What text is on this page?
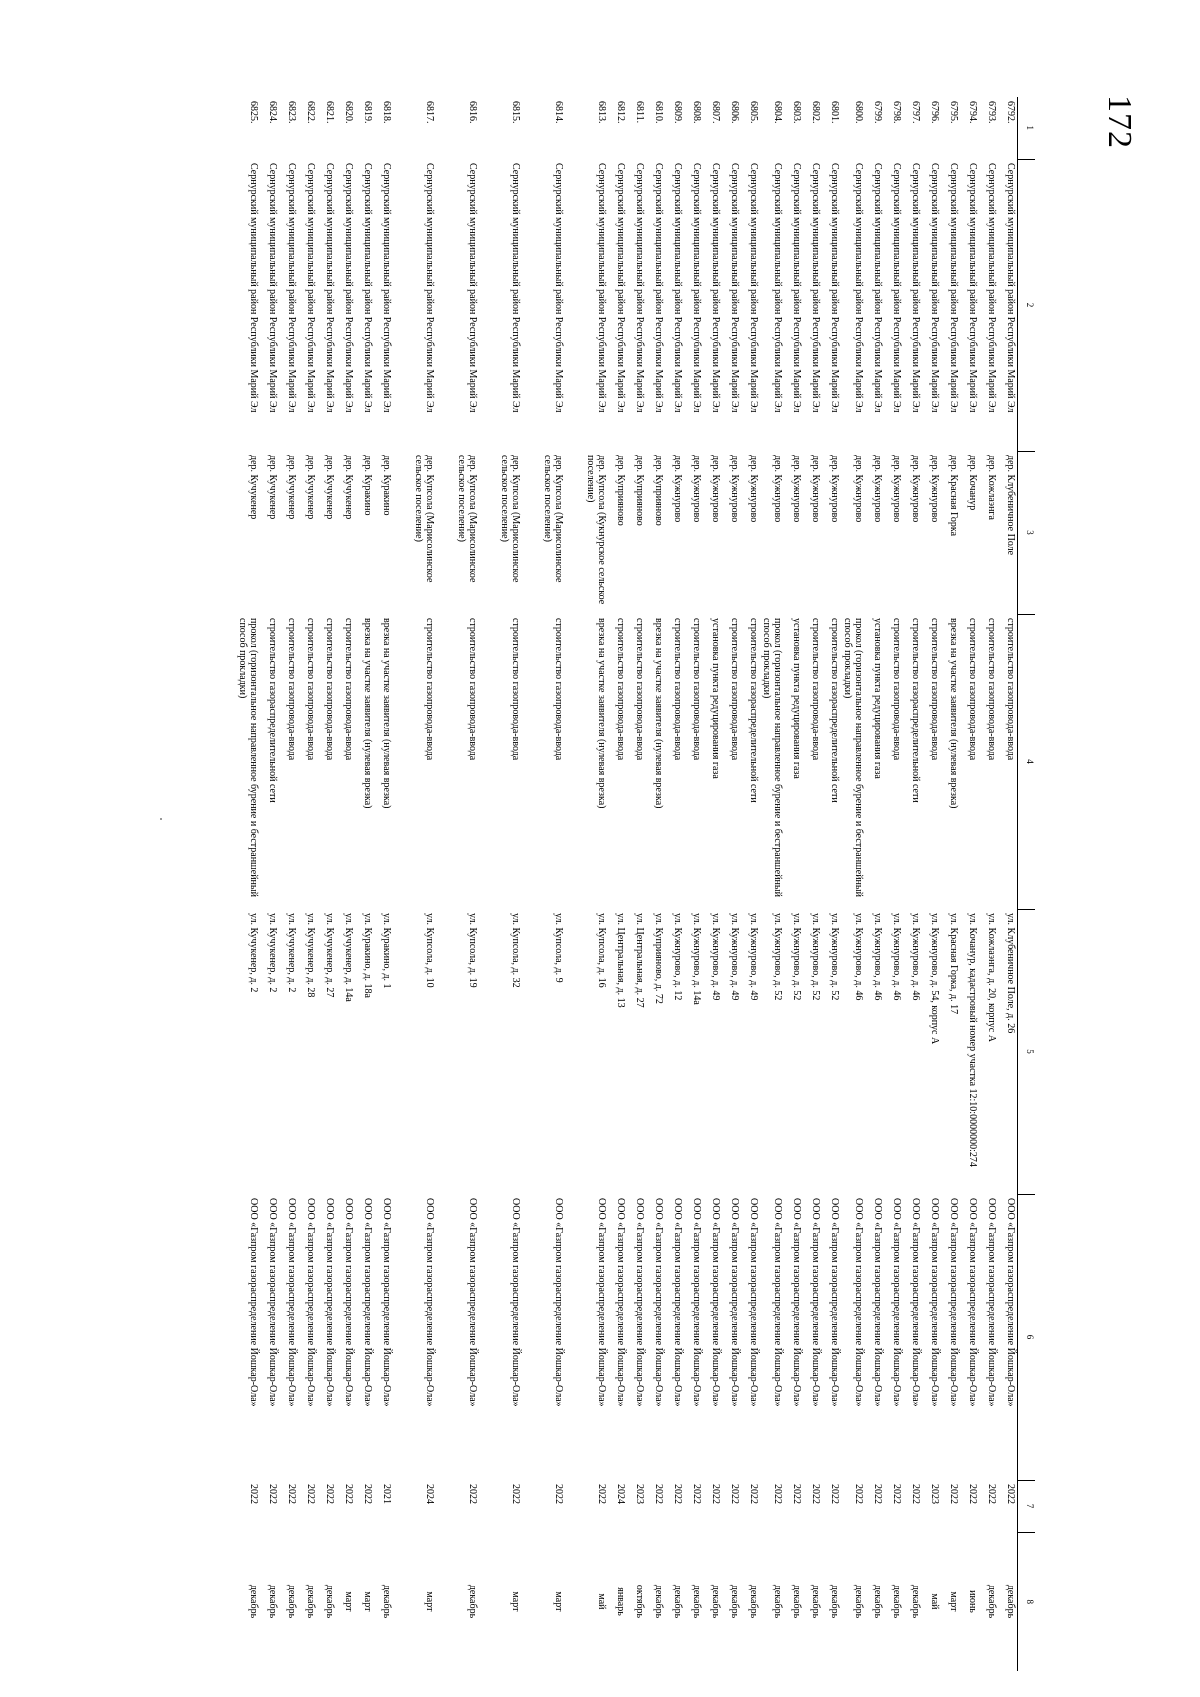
172
1	2	3	4	5	6	7	8
6792.	Сернурский муниципальный район Республики Марий Эл	дер. Клубеничное Поле	строительство газопровода-ввода	ул. Клубеничное Поле, д. 26	ООО «Газпром газораспределение Йошкар-Ола»	2022	декабрь
6793.	Сернурский муниципальный район Республики Марий Эл	дер. Кожлаэнга	строительство газопровода-ввода	ул. Кожлаэнга, д. 20, корпус А	ООО «Газпром газораспределение Йошкар-Ола»	2022	декабрь
6794.	Сернурский муниципальный район Республики Марий Эл	дер. Кочанур	строительство газопровода-ввода	ул. Кочанур, кадастровый номер участка 12:10:0000000:274	ООО «Газпром газораспределение Йошкар-Ола»	2022	июнь
6795.	Сернурский муниципальный район Республики Марий Эл	дер. Красная Горка	врезка на участке заявителя (нулевая врезка)	ул. Красная Горка, д. 17	ООО «Газпром газораспределение Йошкар-Ола»	2022	март
6796.	Сернурский муниципальный район Республики Марий Эл	дер. Кужнурово	строительство газопровода-ввода	ул. Кужнурово, д. 54, корпус А	ООО «Газпром газораспределение Йошкар-Ола»	2023	май
6797.	Сернурский муниципальный район Республики Марий Эл	дер. Кужнурово	строительство газораспределительной сети	ул. Кужнурово, д. 46	ООО «Газпром газораспределение Йошкар-Ола»	2022	декабрь
6798.	Сернурский муниципальный район Республики Марий Эл	дер. Кужнурово	строительство газопровода-ввода	ул. Кужнурово, д. 46	ООО «Газпром газораспределение Йошкар-Ола»	2022	декабрь
6799.	Сернурский муниципальный район Республики Марий Эл	дер. Кужнурово	установка пункта редуцирования газа	ул. Кужнурово, д. 46	ООО «Газпром газораспределение Йошкар-Ола»	2022	декабрь
6800.	Сернурский муниципальный район Республики Марий Эл	дер. Кужнурово	прокол (горизонтальное направленное бурение и бестраншейный способ прокладки)	ул. Кужнурово, д. 46	ООО «Газпром газораспределение Йошкар-Ола»	2022	декабрь
6801.	Сернурский муниципальный район Республики Марий Эл	дер. Кужнурово	строительство газораспределительной сети	ул. Кужнурово, д. 52	ООО «Газпром газораспределение Йошкар-Ола»	2022	декабрь
6802.	Сернурский муниципальный район Республики Марий Эл	дер. Кужнурово	строительство газопровода-ввода	ул. Кужнурово, д. 52	ООО «Газпром газораспределение Йошкар-Ола»	2022	декабрь
6803.	Сернурский муниципальный район Республики Марий Эл	дер. Кужнурово	установка пункта редуцирования газа	ул. Кужнурово, д. 52	ООО «Газпром газораспределение Йошкар-Ола»	2022	декабрь
6804.	Сернурский муниципальный район Республики Марий Эл	дер. Кужнурово	прокол (горизонтальное направленное бурение и бестраншейный способ прокладки)	ул. Кужнурово, д. 52	ООО «Газпром газораспределение Йошкар-Ола»	2022	декабрь
6805.	Сернурский муниципальный район Республики Марий Эл	дер. Кужнурово	строительство газораспределительной сети	ул. Кужнурово, д. 49	ООО «Газпром газораспределение Йошкар-Ола»	2022	декабрь
6806.	Сернурский муниципальный район Республики Марий Эл	дер. Кужнурово	строительство газопровода-ввода	ул. Кужнурово, д. 49	ООО «Газпром газораспределение Йошкар-Ола»	2022	декабрь
6807.	Сернурский муниципальный район Республики Марий Эл	дер. Кужнурово	установка пункта редуцирования газа	ул. Кужнурово, д. 49	ООО «Газпром газораспределение Йошкар-Ола»	2022	декабрь
6808.	Сернурский муниципальный район Республики Марий Эл	дер. Кужнурово	строительство газопровода-ввода	ул. Кужнурово, д. 14а	ООО «Газпром газораспределение Йошкар-Ола»	2022	декабрь
6809.	Сернурский муниципальный район Республики Марий Эл	дер. Кужнурово	строительство газопровода-ввода	ул. Кужнурово, д. 12	ООО «Газпром газораспределение Йошкар-Ола»	2022	декабрь
6810.	Сернурский муниципальный район Республики Марий Эл	дер. Куприяново	врезка на участке заявителя (нулевая врезка)	ул. Куприяново, д. 72	ООО «Газпром газораспределение Йошкар-Ола»	2022	декабрь
6811.	Сернурский муниципальный район Республики Марий Эл	дер. Куприяново	строительство газопровода-ввода	ул. Центральная, д. 27	ООО «Газпром газораспределение Йошкар-Ола»	2023	октябрь
6812.	Сернурский муниципальный район Республики Марий Эл	дер. Куприяново	строительство газопровода-ввода	ул. Центральная, д. 13	ООО «Газпром газораспределение Йошкар-Ола»	2024	январь
6813.	Сернурский муниципальный район Республики Марий Эл	дер. Купсола (Кукнурское сельское поселение)	врезка на участке заявителя (нулевая врезка)	ул. Купсола, д. 16	ООО «Газпром газораспределение Йошкар-Ола»	2022	май
6814.	Сернурский муниципальный район Республики Марий Эл	дер. Купсола (Марисолинское сельское поселение)	строительство газопровода-ввода	ул. Купсола, д. 9	ООО «Газпром газораспределение Йошкар-Ола»	2022	март
6815.	Сернурский муниципальный район Республики Марий Эл	дер. Купсола (Марисолинское сельское поселение)	строительство газопровода-ввода	ул. Купсола, д. 32	ООО «Газпром газораспределение Йошкар-Ола»	2022	март
6816.	Сернурский муниципальный район Республики Марий Эл	дер. Купсола (Марисолинское сельское поселение)	строительство газопровода-ввода	ул. Купсола, д. 19	ООО «Газпром газораспределение Йошкар-Ола»	2022	декабрь
6817.	Сернурский муниципальный район Республики Марий Эл	дер. Купсола (Марисолинское сельское поселение)	строительство газопровода-ввода	ул. Купсола, д. 10	ООО «Газпром газораспределение Йошкар-Ола»	2024	март
6818.	Сернурский муниципальный район Республики Марий Эл	дер. Куракино	врезка на участке заявителя (нулевая врезка)	ул. Куракино, д. 1	ООО «Газпром газораспределение Йошкар-Ола»	2021	декабрь
6819.	Сернурский муниципальный район Республики Марий Эл	дер. Куракино	врезка на участке заявителя (нулевая врезка)	ул. Куракино, д. 18а	ООО «Газпром газораспределение Йошкар-Ола»	2022	март
6820.	Сернурский муниципальный район Республики Марий Эл	дер. Кучукенер	строительство газопровода-ввода	ул. Кучукенер, д. 14а	ООО «Газпром газораспределение Йошкар-Ола»	2022	март
6821.	Сернурский муниципальный район Республики Марий Эл	дер. Кучукенер	строительство газопровода-ввода	ул. Кучукенер, д. 27	ООО «Газпром газораспределение Йошкар-Ола»	2022	декабрь
6822.	Сернурский муниципальный район Республики Марий Эл	дер. Кучукенер	строительство газопровода-ввода	ул. Кучукенер, д. 28	ООО «Газпром газораспределение Йошкар-Ола»	2022	декабрь
6823.	Сернурский муниципальный район Республики Марий Эл	дер. Кучукенер	строительство газопровода-ввода	ул. Кучукенер, д. 2	ООО «Газпром газораспределение Йошкар-Ола»	2022	декабрь
6824.	Сернурский муниципальный район Республики Марий Эл	дер. Кучукенер	строительство газораспределительной сети	ул. Кучукенер, д. 2	ООО «Газпром газораспределение Йошкар-Ола»	2022	декабрь
6825.	Сернурский муниципальный район Республики Марий Эл	дер. Кучукенер	прокол (горизонтальное направленное бурение и бестраншейный способ прокладки)	ул. Кучукенер, д. 2	ООО «Газпром газораспределение Йошкар-Ола»	2022	декабрь
